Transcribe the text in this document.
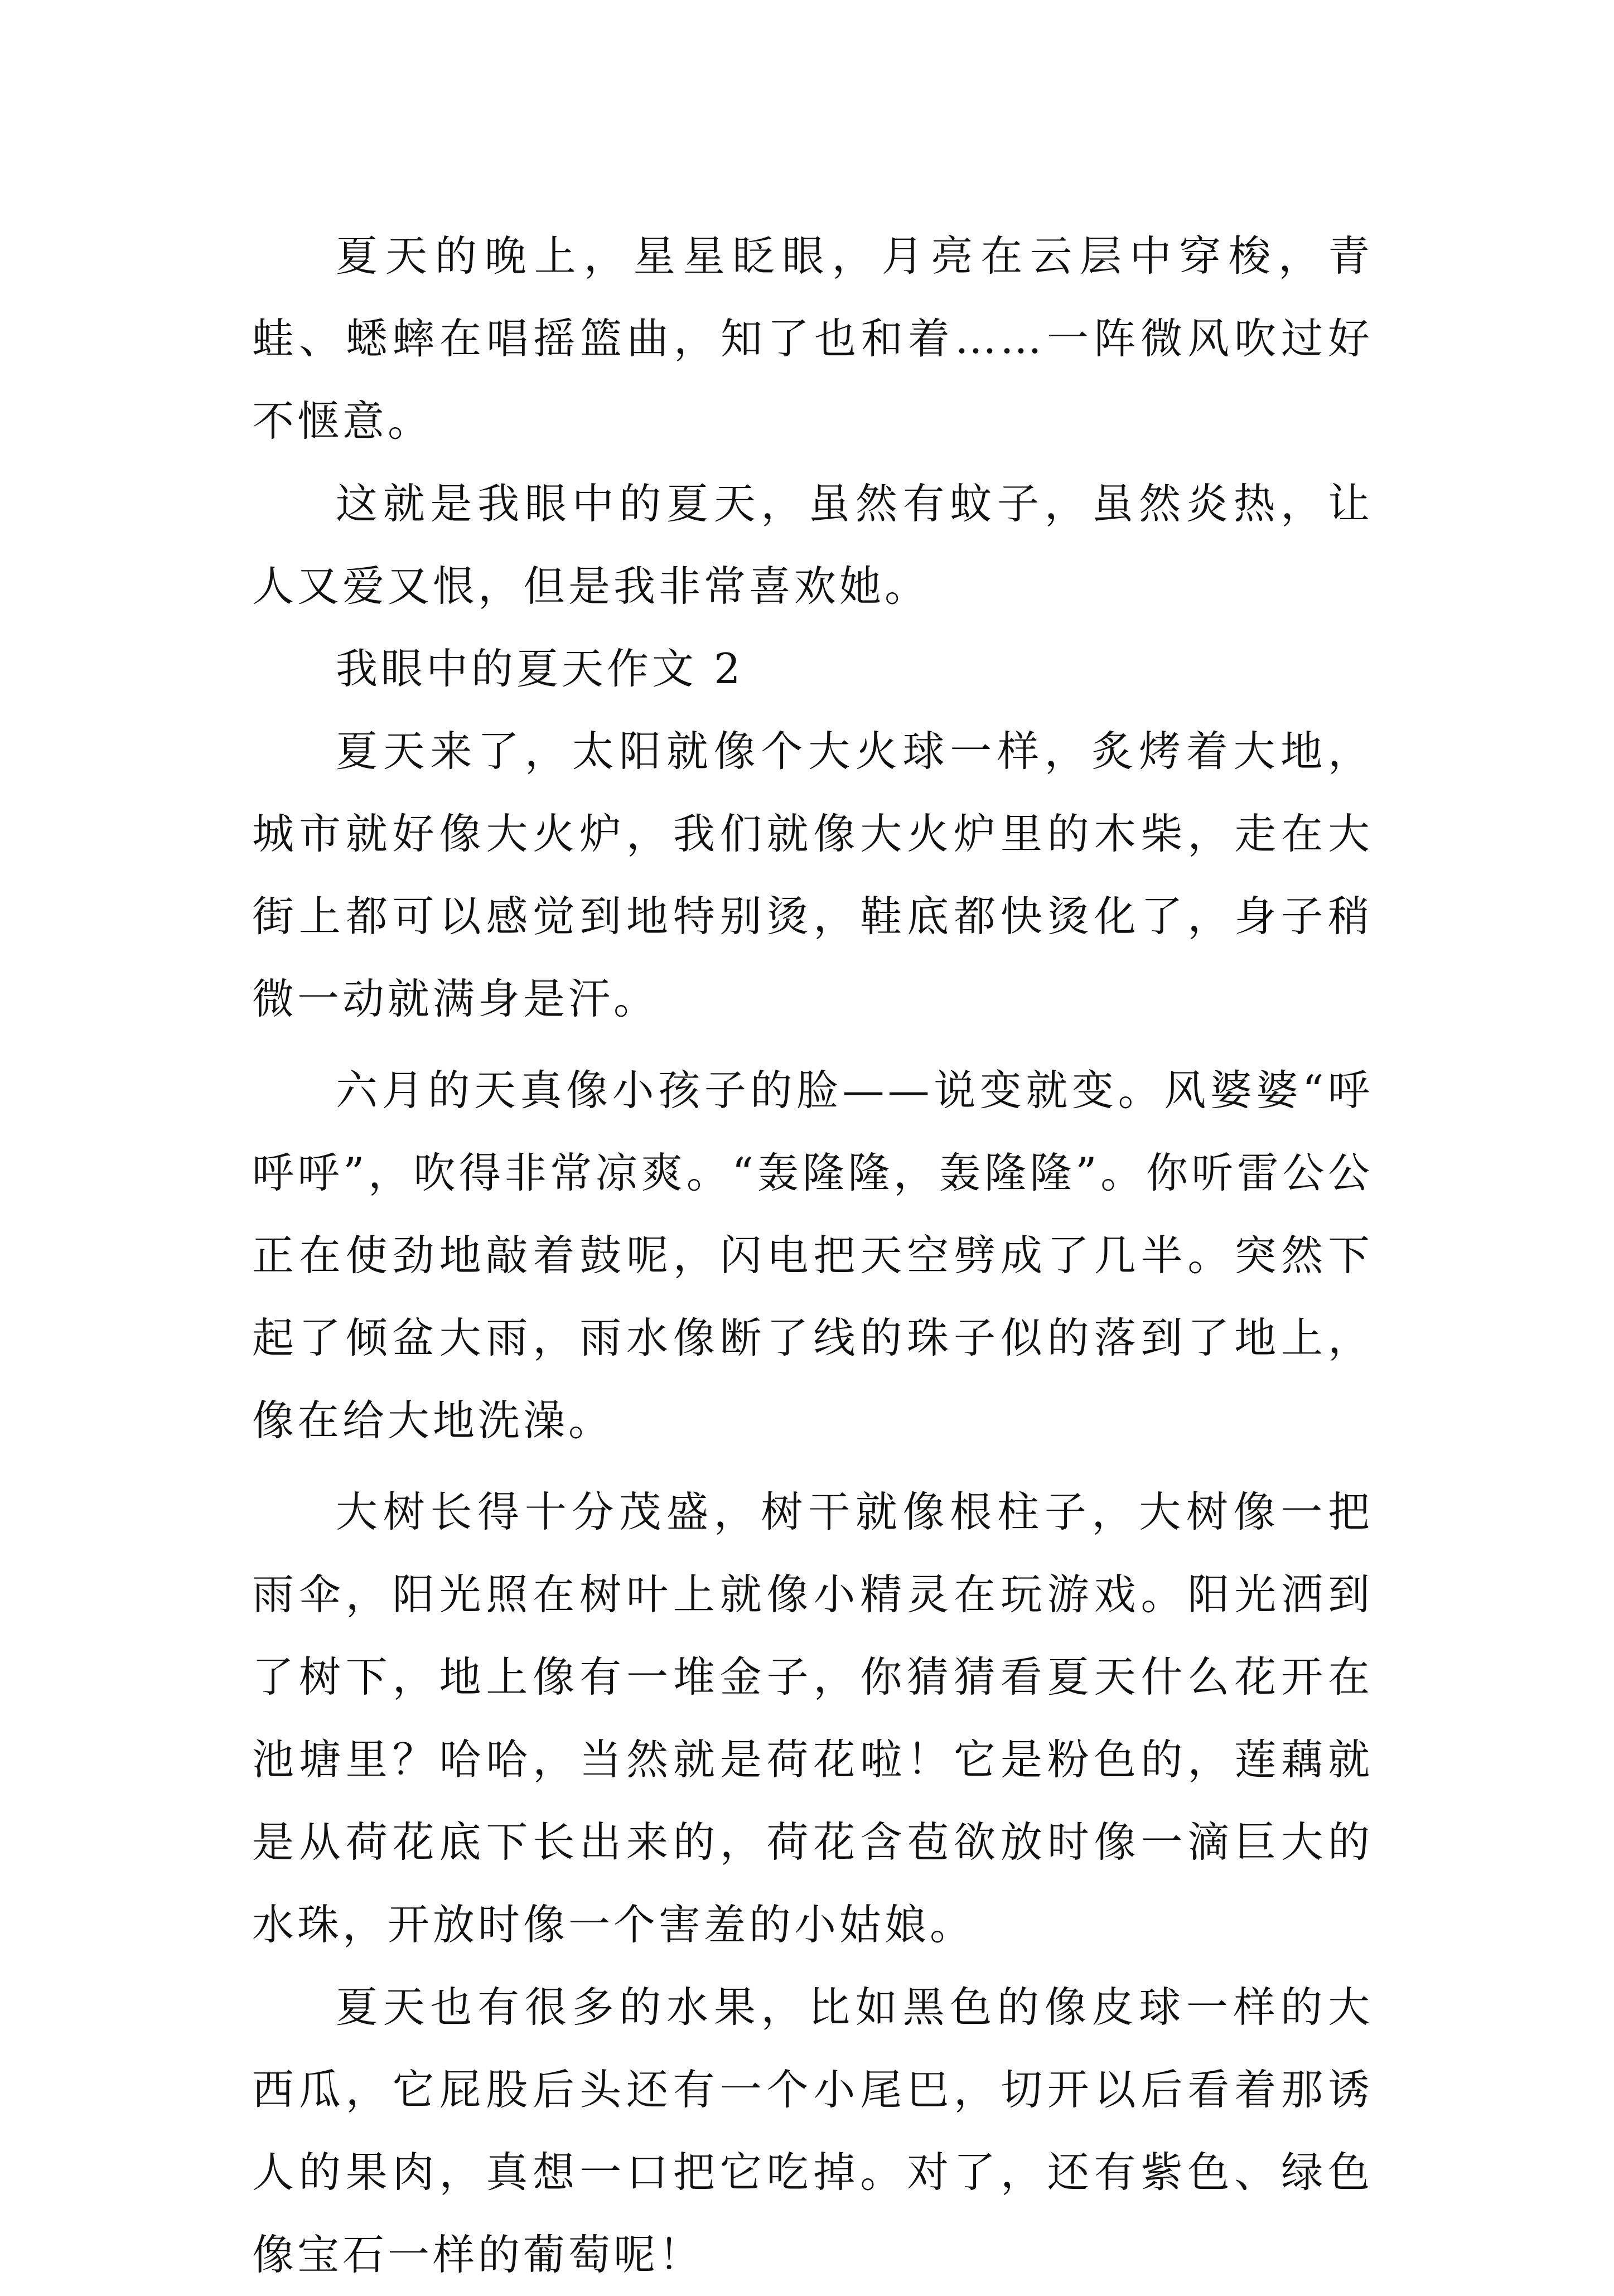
夏天的晚上，星星眨眼，月亮在云层中穿梭，青蛙、蟋蟀在唱摇篮曲，知了也和着……一阵微风吹过好不惬意。

这就是我眼中的夏天，虽然有蚊子，虽然炎热，让人又爱又恨，但是我非常喜欢她。

我眼中的夏天作文 2

夏天来了，太阳就像个大火球一样，炙烤着大地，城市就好像大火炉，我们就像大火炉里的木柴，走在大街上都可以感觉到地特别烫，鞋底都快烫化了，身子稍微一动就满身是汗。

六月的天真像小孩子的脸——说变就变。风婆婆“呼呼呼”，吹得非常凉爽。“轰隆隆，轰隆隆”。你听雷公公正在使劲地敲着鼓呢，闪电把天空劈成了几半。突然下起了倾盆大雨，雨水像断了线的珠子似的落到了地上，像在给大地洗澡。

大树长得十分茂盛，树干就像根柱子，大树像一把雨伞，阳光照在树叶上就像小精灵在玩游戏。阳光洒到了树下，地上像有一堆金子，你猜猜看夏天什么花开在池塘里？哈哈，当然就是荷花啦！它是粉色的，莲藕就是从荷花底下长出来的，荷花含苞欲放时像一滴巨大的水珠，开放时像一个害羞的小姑娘。

夏天也有很多的水果，比如黑色的像皮球一样的大西瓜，它屁股后头还有一个小尾巴，切开以后看着那诱人的果肉，真想一口把它吃掉。对了，还有紫色、绿色像宝石一样的葡萄呢！
